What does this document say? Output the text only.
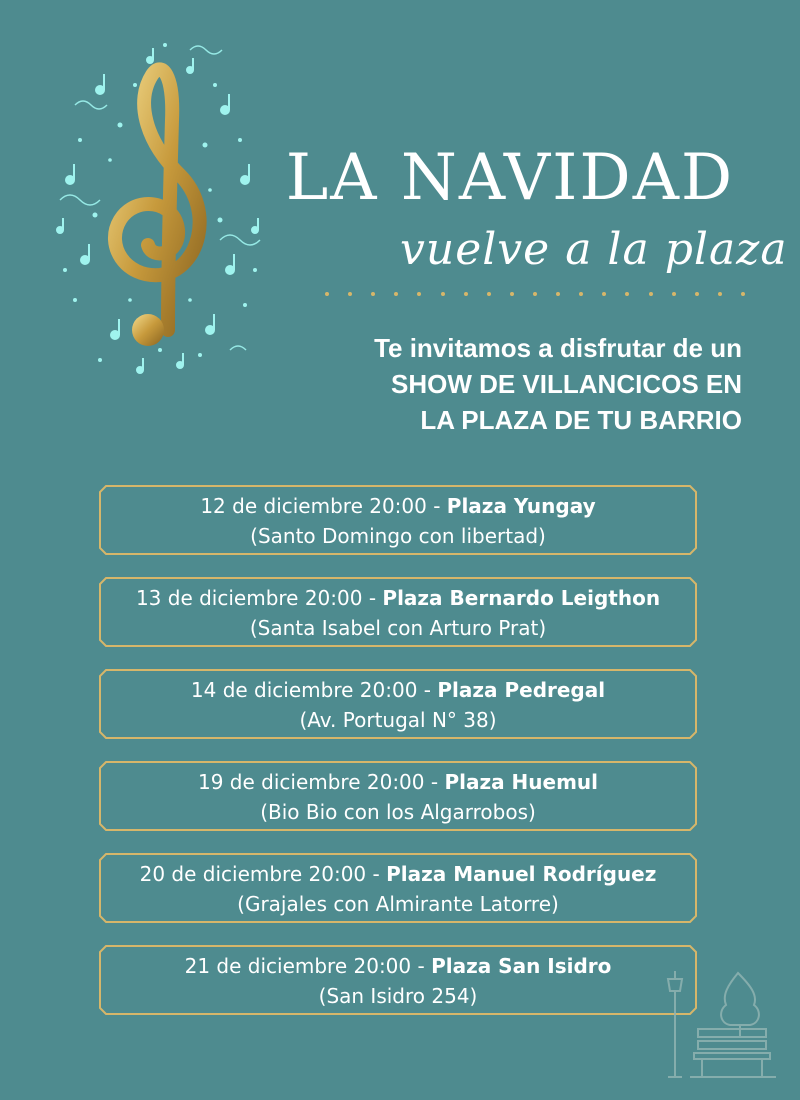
LA NAVIDAD
vuelve a la plaza
Te invitamos a disfrutar de un
SHOW DE VILLANCICOS EN
LA PLAZA DE TU BARRIO
12 de diciembre 20:00 - Plaza Yungay
(Santo Domingo con libertad)
13 de diciembre 20:00 - Plaza Bernardo Leigthon
(Santa Isabel con Arturo Prat)
14 de diciembre 20:00 - Plaza Pedregal
(Av. Portugal N° 38)
19 de diciembre 20:00 - Plaza Huemul
(Bio Bio con los Algarrobos)
20 de diciembre 20:00 - Plaza Manuel Rodríguez
(Grajales con Almirante Latorre)
21 de diciembre 20:00 - Plaza San Isidro
(San Isidro 254)
